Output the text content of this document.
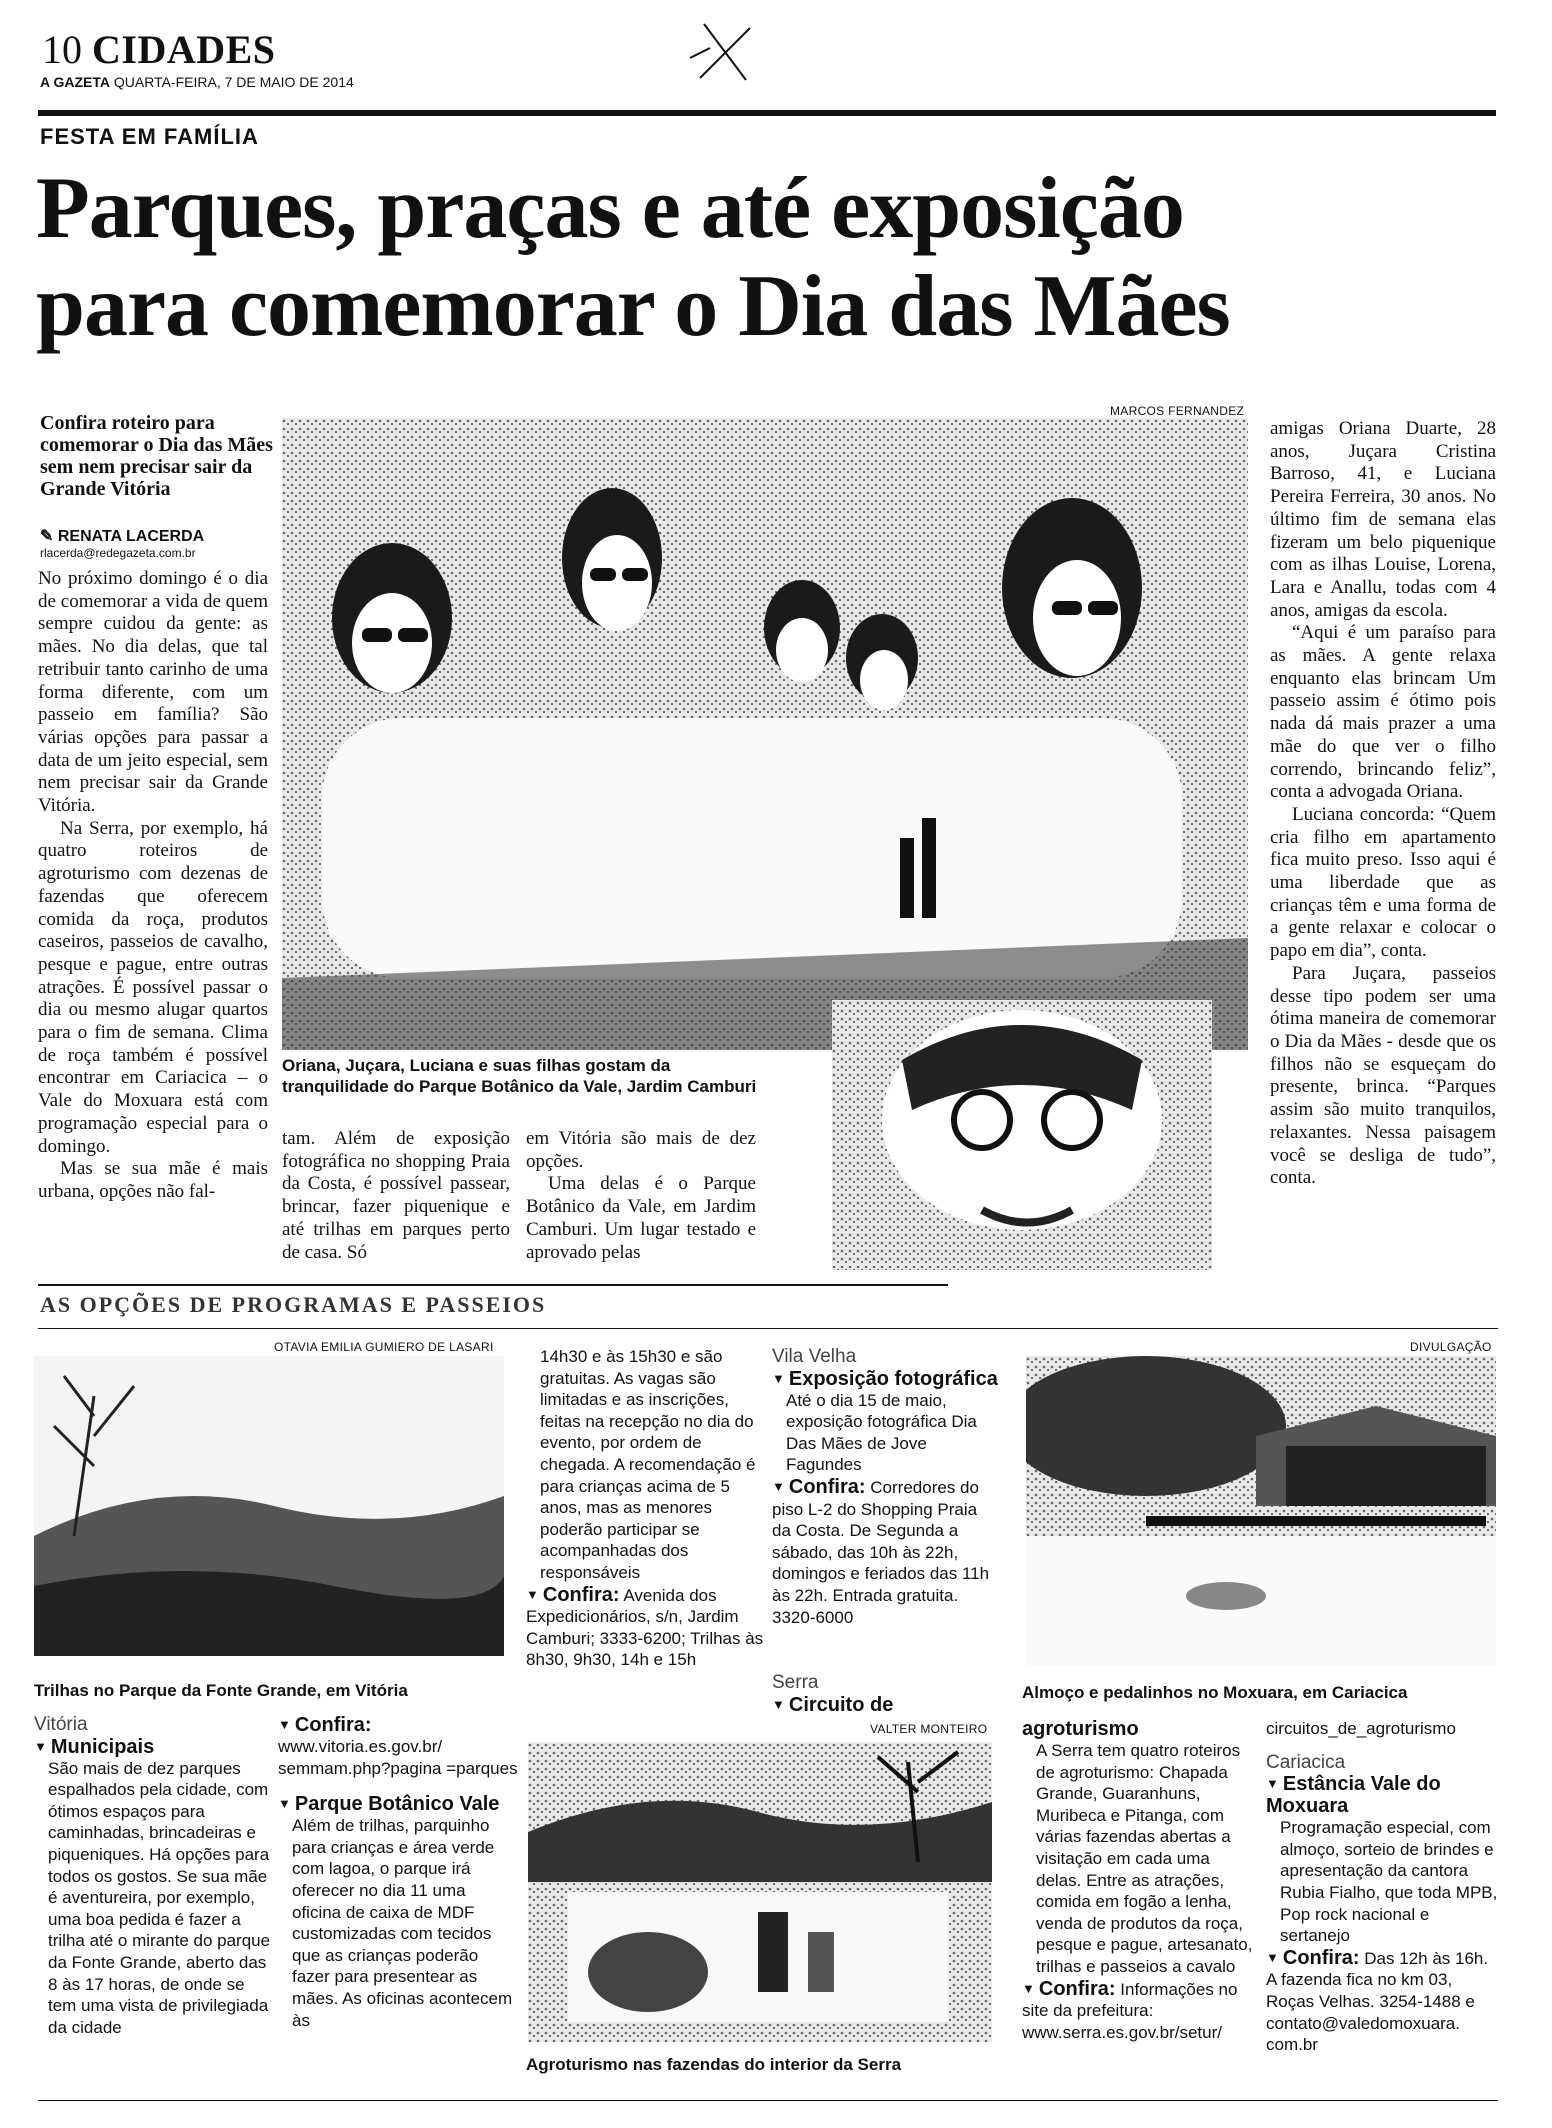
10 CIDADES
A GAZETA QUARTA-FEIRA, 7 DE MAIO DE 2014
FESTA EM FAMÍLIA
Parques, praças e até exposição
para comemorar o Dia das Mães
Confira roteiro para comemorar o Dia das Mães sem nem precisar sair da Grande Vitória
✎ RENATA LACERDA
rlacerda@redegazeta.com.br

No próximo domingo é o dia de comemorar a vida de quem sempre cuidou da gente: as mães. No dia delas, que tal retribuir tanto carinho de uma forma diferente, com um passeio em família? São várias opções para passar a data de um jeito especial, sem nem precisar sair da Grande Vitória.

Na Serra, por exemplo, há quatro roteiros de agroturismo com dezenas de fazendas que oferecem comida da roça, produtos caseiros, passeios de cavalho, pesque e pague, entre outras atrações. É possível passar o dia ou mesmo alugar quartos para o fim de semana. Clima de roça também é possível encontrar em Cariacica – o Vale do Moxuara está com programação especial para o domingo.

Mas se sua mãe é mais urbana, opções não fal-

MARCOS FERNANDEZ
Oriana, Juçara, Luciana e suas filhas gostam da
tranquilidade do Parque Botânico da Vale, Jardim Camburi

tam. Além de exposição fotográfica no shopping Praia da Costa, é possível passear, brincar, fazer piquenique e até trilhas em parques perto de casa. Só

em Vitória são mais de dez opções.

Uma delas é o Parque Botânico da Vale, em Jardim Camburi. Um lugar testado e aprovado pelas

amigas Oriana Duarte, 28 anos, Juçara Cristina Barroso, 41, e Luciana Pereira Ferreira, 30 anos. No último fim de semana elas fizeram um belo piquenique com as ilhas Louise, Lorena, Lara e Anallu, todas com 4 anos, amigas da escola.

“Aqui é um paraíso para as mães. A gente relaxa enquanto elas brincam Um passeio assim é ótimo pois nada dá mais prazer a uma mãe do que ver o filho correndo, brincando feliz”, conta a advogada Oriana.

Luciana concorda: “Quem cria filho em apartamento fica muito preso. Isso aqui é uma liberdade que as crianças têm e uma forma de a gente relaxar e colocar o papo em dia”, conta.

Para Juçara, passeios desse tipo podem ser uma ótima maneira de comemorar o Dia da Mães - desde que os filhos não se esqueçam do presente, brinca. “Parques assim são muito tranquilos, relaxantes. Nessa paisagem você se desliga de tudo”, conta.

AS OPÇÕES DE PROGRAMAS E PASSEIOS
OTAVIA EMILIA GUMIERO DE LASARI
Trilhas no Parque da Fonte Grande, em Vitória
Vitória
▼ Municipais
São mais de dez parques espalhados pela cidade, com ótimos espaços para caminhadas, brincadeiras e piqueniques. Há opções para todos os gostos. Se sua mãe é aventureira, por exemplo, uma boa pedida é fazer a trilha até o mirante do parque da Fonte Grande, aberto das 8 às 17 horas, de onde se tem uma vista de privilegiada da cidade
▼ Confira:
www.vitoria.es.gov.br/ semmam.php?pagina =parques
▼ Parque Botânico Vale
Além de trilhas, parquinho para crianças e área verde com lagoa, o parque irá oferecer no dia 11 uma oficina de caixa de MDF customizadas com tecidos que as crianças poderão fazer para presentear as mães. As oficinas acontecem às
14h30 e às 15h30 e são gratuitas. As vagas são limitadas e as inscrições, feitas na recepção no dia do evento, por ordem de chegada. A recomendação é para crianças acima de 5 anos, mas as menores poderão participar se acompanhadas dos responsáveis
▼ Confira: Avenida dos Expedicionários, s/n, Jardim Camburi; 3333-6200; Trilhas às 8h30, 9h30, 14h e 15h
Vila Velha
▼ Exposição fotográfica
Até o dia 15 de maio, exposição fotográfica Dia Das Mães de Jove Fagundes
▼ Confira: Corredores do piso L-2 do Shopping Praia da Costa. De Segunda a sábado, das 10h às 22h, domingos e feriados das 11h às 22h. Entrada gratuita. 3320-6000
Serra
▼ Circuito de
VALTER MONTEIRO
Agroturismo nas fazendas do interior da Serra
DIVULGAÇÃO
Almoço e pedalinhos no Moxuara, em Cariacica
agroturismo
A Serra tem quatro roteiros de agroturismo: Chapada Grande, Guaranhuns, Muribeca e Pitanga, com várias fazendas abertas a visitação em cada uma delas. Entre as atrações, comida em fogão a lenha, venda de produtos da roça, pesque e pague, artesanato, trilhas e passeios a cavalo
▼ Confira: Informações no site da prefeitura: www.serra.es.gov.br/setur/
circuitos_de_agroturismo
Cariacica
▼ Estância Vale do Moxuara
Programação especial, com almoço, sorteio de brindes e apresentação da cantora Rubia Fialho, que toda MPB, Pop rock nacional e sertanejo
▼ Confira: Das 12h às 16h. A fazenda fica no km 03, Roças Velhas. 3254-1488 e contato@valedomoxuara. com.br
